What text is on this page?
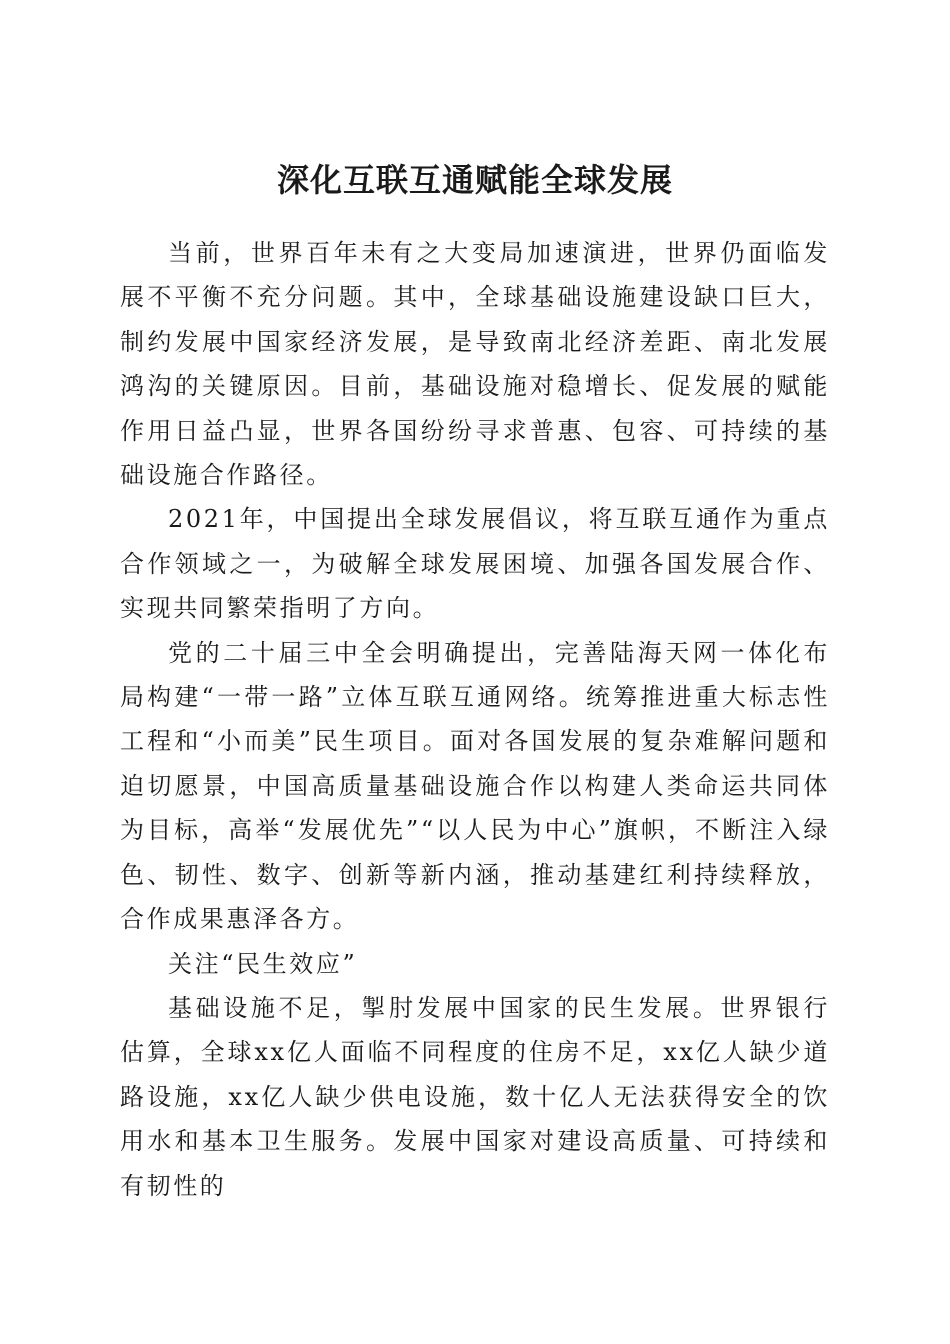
深化互联互通赋能全球发展

当前，世界百年未有之大变局加速演进，世界仍面临发展不平衡不充分问题。其中，全球基础设施建设缺口巨大，制约发展中国家经济发展，是导致南北经济差距、南北发展鸿沟的关键原因。目前，基础设施对稳增长、促发展的赋能作用日益凸显，世界各国纷纷寻求普惠、包容、可持续的基础设施合作路径。

2021年，中国提出全球发展倡议，将互联互通作为重点合作领域之一，为破解全球发展困境、加强各国发展合作、实现共同繁荣指明了方向。

党的二十届三中全会明确提出，完善陆海天网一体化布局构建“一带一路”立体互联互通网络。统筹推进重大标志性工程和“小而美”民生项目。面对各国发展的复杂难解问题和迫切愿景，中国高质量基础设施合作以构建人类命运共同体为目标，高举“发展优先”“以人民为中心”旗帜，不断注入绿色、韧性、数字、创新等新内涵，推动基建红利持续释放，合作成果惠泽各方。

关注“民生效应”

基础设施不足，掣肘发展中国家的民生发展。世界银行估算，全球xx亿人面临不同程度的住房不足，xx亿人缺少道路设施，xx亿人缺少供电设施，数十亿人无法获得安全的饮用水和基本卫生服务。发展中国家对建设高质量、可持续和有韧性的
